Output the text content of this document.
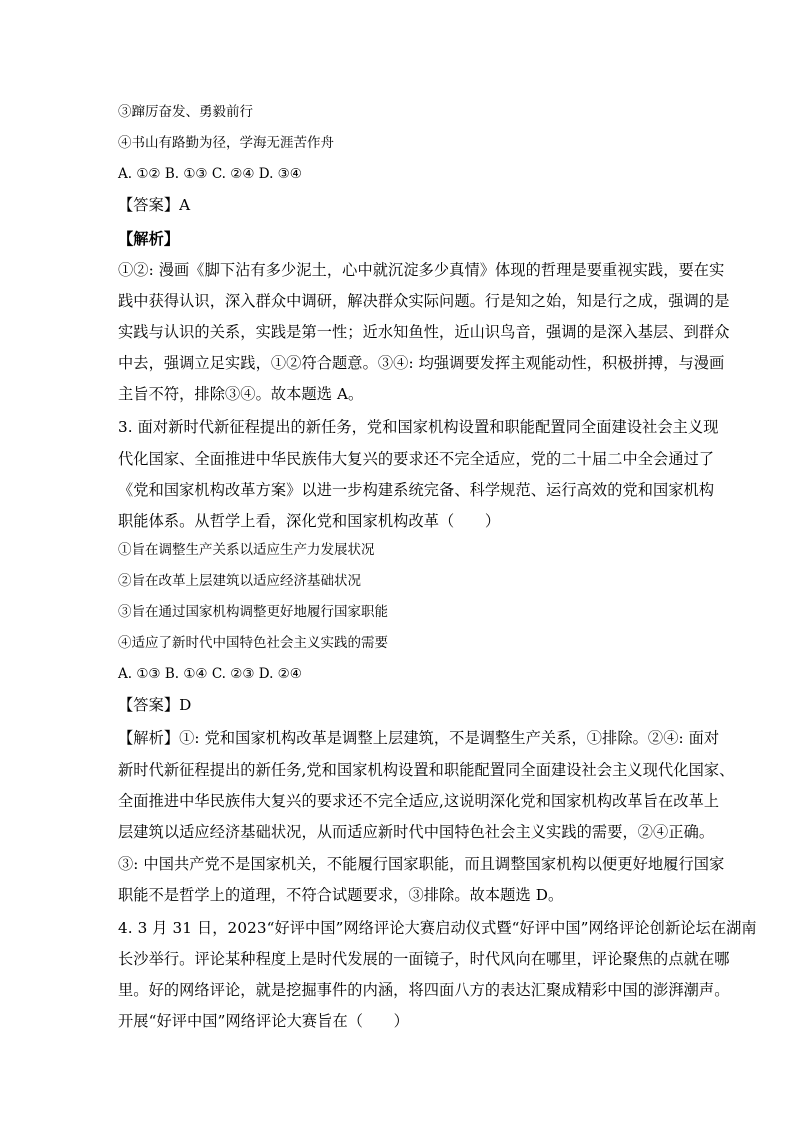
③蹿厉奋发、勇毅前行
④书山有路勤为径，学海无涯苦作舟
A. ①② B. ①③ C. ②④ D. ③④
【答案】A
【解析】
①②: 漫画《脚下沾有多少泥土，心中就沉淀多少真情》体现的哲理是要重视实践，要在实
践中获得认识，深入群众中调研，解决群众实际问题。行是知之始，知是行之成，强调的是
实践与认识的关系，实践是第一性；近水知鱼性，近山识鸟音，强调的是深入基层、到群众
中去，强调立足实践，①②符合题意。③④: 均强调要发挥主观能动性，积极拼搏，与漫画
主旨不符，排除③④。故本题选 A。
3. 面对新时代新征程提出的新任务，党和国家机构设置和职能配置同全面建设社会主义现
代化国家、全面推进中华民族伟大复兴的要求还不完全适应，党的二十届二中全会通过了
《党和国家机构改革方案》以进一步构建系统完备、科学规范、运行高效的党和国家机构
职能体系。从哲学上看，深化党和国家机构改革（　　）
①旨在调整生产关系以适应生产力发展状况
②旨在改革上层建筑以适应经济基础状况
③旨在通过国家机构调整更好地履行国家职能
④适应了新时代中国特色社会主义实践的需要
A. ①③ B. ①④ C. ②③ D. ②④
【答案】D
【解析】①: 党和国家机构改革是调整上层建筑，不是调整生产关系，①排除。②④: 面对
新时代新征程提出的新任务,党和国家机构设置和职能配置同全面建设社会主义现代化国家、
全面推进中华民族伟大复兴的要求还不完全适应,这说明深化党和国家机构改革旨在改革上
层建筑以适应经济基础状况，从而适应新时代中国特色社会主义实践的需要，②④正确。
③: 中国共产党不是国家机关，不能履行国家职能，而且调整国家机构以便更好地履行国家
职能不是哲学上的道理，不符合试题要求，③排除。故本题选 D。
4. 3 月 31 日，2023“好评中国”网络评论大赛启动仪式暨“好评中国”网络评论创新论坛在湖南
长沙举行。评论某种程度上是时代发展的一面镜子，时代风向在哪里，评论聚焦的点就在哪
里。好的网络评论，就是挖掘事件的内涵，将四面八方的表达汇聚成精彩中国的澎湃潮声。
开展“好评中国”网络评论大赛旨在（　　）
